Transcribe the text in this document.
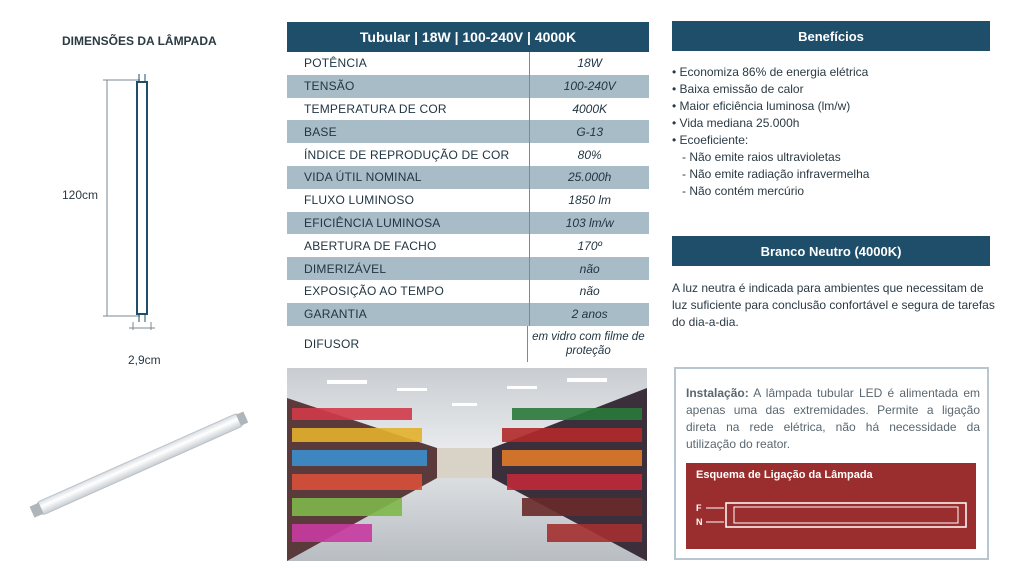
DIMENSÕES DA LÂMPADA
120cm
2,9cm
Tubular | 18W | 100-240V | 4000K
POTÊNCIA	18W
TENSÃO	100-240V
TEMPERATURA DE COR	4000K
BASE	G-13
ÍNDICE DE REPRODUÇÃO DE COR	80%
VIDA ÚTIL NOMINAL	25.000h
FLUXO LUMINOSO	1850 lm
EFICIÊNCIA LUMINOSA	103 lm/w
ABERTURA DE FACHO	170º
DIMERIZÁVEL	não
EXPOSIÇÃO AO TEMPO	não
GARANTIA	2 anos
DIFUSOR	em vidro com filme de proteção
Benefícios
• Economiza 86% de energia elétrica
• Baixa emissão de calor
• Maior eficiência luminosa (lm/w)
• Vida mediana 25.000h
• Ecoeficiente:
- Não emite raios ultravioletas
- Não emite radiação infravermelha
- Não contém mercúrio
Branco Neutro (4000K)
A luz neutra é indicada para ambientes que necessitam de luz suficiente para conclusão confortável e segura de tarefas do dia-a-dia.
Instalação: A lâmpada tubular LED é alimentada em apenas uma das extremidades. Permite a ligação direta na rede elétrica, não há necessidade da utilização do reator.
Esquema de Ligação da Lâmpada
F
N
